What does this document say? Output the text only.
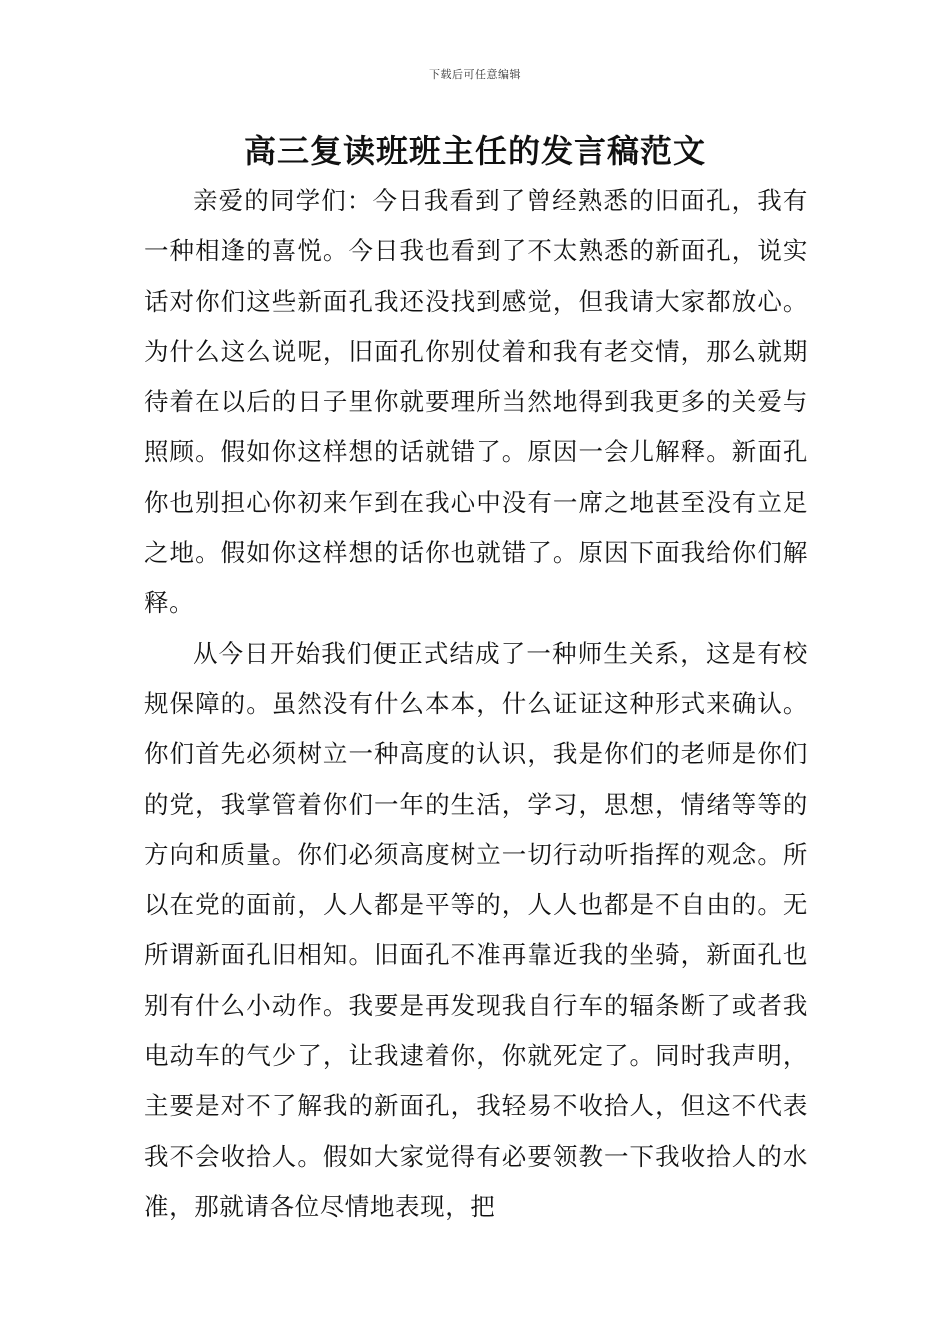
下载后可任意编辑
高三复读班班主任的发言稿范文

亲爱的同学们：今日我看到了曾经熟悉的旧面孔，我有一种相逢的喜悦。今日我也看到了不太熟悉的新面孔，说实话对你们这些新面孔我还没找到感觉，但我请大家都放心。为什么这么说呢，旧面孔你别仗着和我有老交情，那么就期待着在以后的日子里你就要理所当然地得到我更多的关爱与照顾。假如你这样想的话就错了。原因一会儿解释。新面孔你也别担心你初来乍到在我心中没有一席之地甚至没有立足之地。假如你这样想的话你也就错了。原因下面我给你们解释。

从今日开始我们便正式结成了一种师生关系，这是有校规保障的。虽然没有什么本本，什么证证这种形式来确认。你们首先必须树立一种高度的认识，我是你们的老师是你们的党，我掌管着你们一年的生活，学习，思想，情绪等等的方向和质量。你们必须高度树立一切行动听指挥的观念。所以在党的面前，人人都是平等的，人人也都是不自由的。无所谓新面孔旧相知。旧面孔不准再靠近我的坐骑，新面孔也别有什么小动作。我要是再发现我自行车的辐条断了或者我电动车的气少了，让我逮着你，你就死定了。同时我声明，主要是对不了解我的新面孔，我轻易不收拾人，但这不代表我不会收拾人。假如大家觉得有必要领教一下我收拾人的水准，那就请各位尽情地表现，把
